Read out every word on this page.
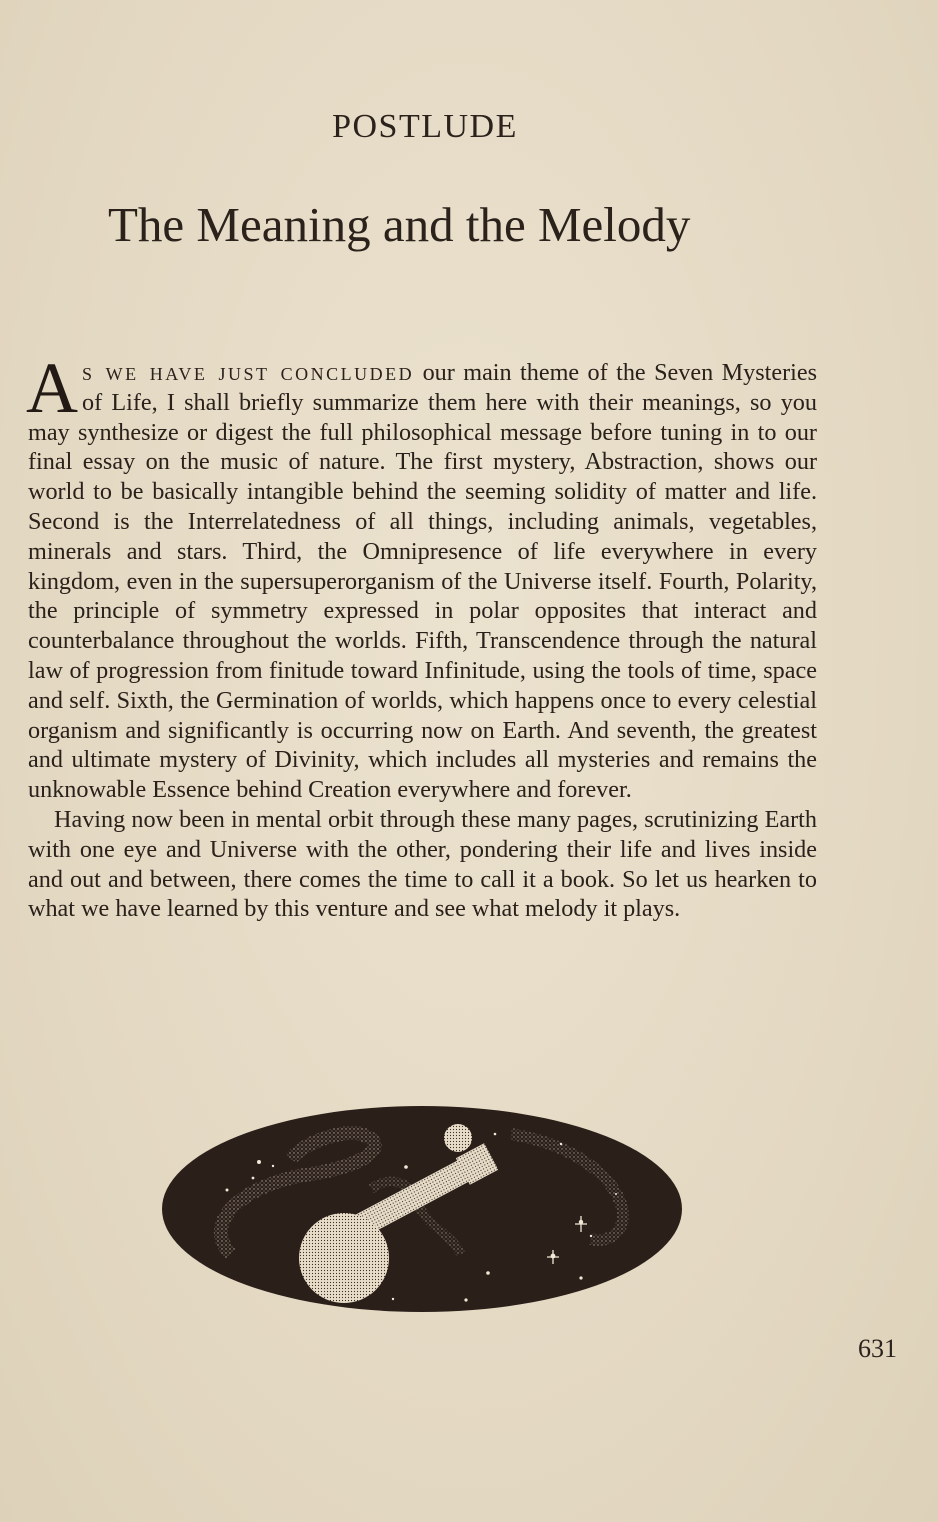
POSTLUDE
The Meaning and the Melody

As we have just concluded our main theme of the Seven Mysteries of Life, I shall briefly summarize them here with their meanings, so you may synthesize or digest the full philosophical message before tuning in to our final essay on the music of nature. The first mystery, Abstraction, shows our world to be basically intangible behind the seeming solidity of matter and life. Second is the Interrelatedness of all things, including animals, vegetables, minerals and stars. Third, the Omnipresence of life everywhere in every kingdom, even in the supersuperorganism of the Universe itself. Fourth, Polarity, the principle of symmetry expressed in polar opposites that interact and counterbalance throughout the worlds. Fifth, Transcendence through the natural law of progression from finitude toward Infinitude, using the tools of time, space and self. Sixth, the Germination of worlds, which happens once to every celestial organism and significantly is occurring now on Earth. And seventh, the greatest and ultimate mystery of Divinity, which includes all mysteries and remains the unknowable Essence behind Creation everywhere and forever.

Having now been in mental orbit through these many pages, scrutinizing Earth with one eye and Universe with the other, pondering their life and lives inside and out and between, there comes the time to call it a book. So let us hearken to what we have learned by this venture and see what melody it plays.

631
